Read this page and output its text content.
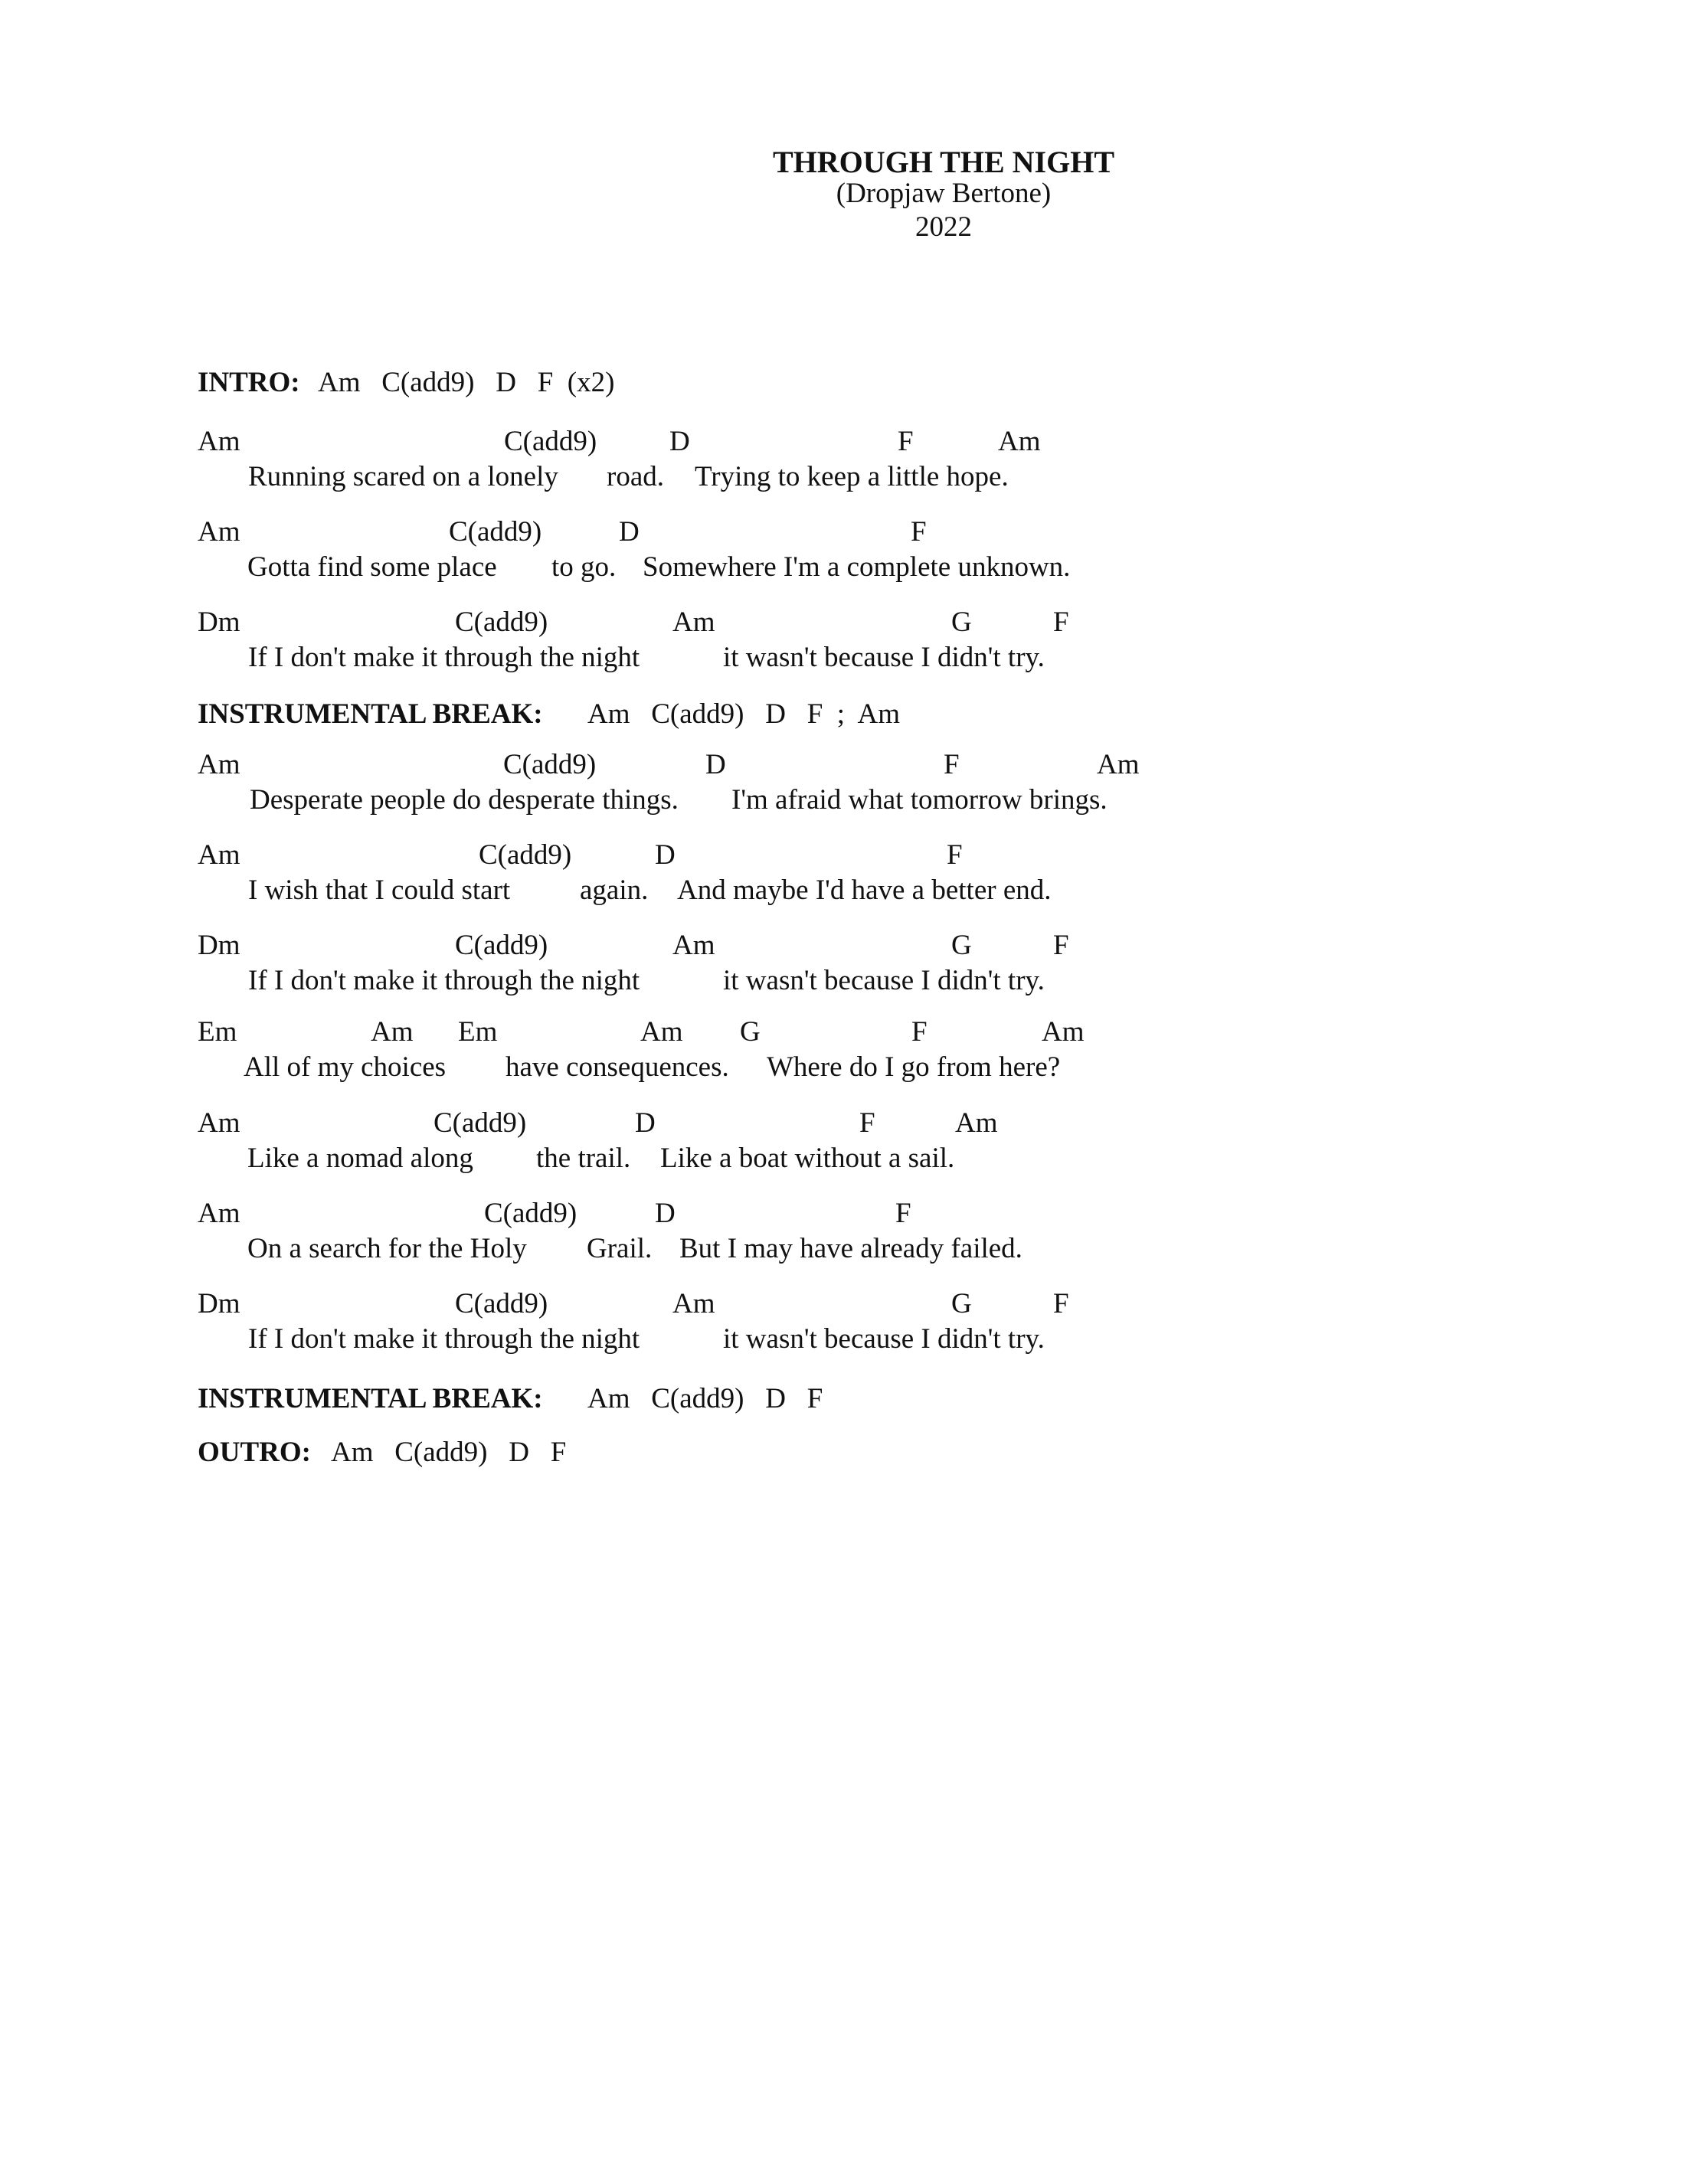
THROUGH THE NIGHT
(Dropjaw Bertone)
2022
INTRO: Am   C(add9)   D   F  (x2)
Am	C(add9)	D	F	Am
Running scared on a lonely road. Trying to keep a little hope.
Am	C(add9)	D	F
Gotta find some place to go. Somewhere I'm a complete unknown.
Dm	C(add9)	Am	G	F
If I don't make it through the night	it wasn't because I didn't try.
INSTRUMENTAL BREAK: Am   C(add9)   D   F  ;  Am
Am	C(add9)	D	F	Am
Desperate people do desperate things. I'm afraid what tomorrow brings.
Am	C(add9)	D	F
I wish that I could start again. And maybe I'd have a better end.
Dm	C(add9)	Am	G	F
If I don't make it through the night	it wasn't because I didn't try.
Em	Am Em	Am G	F	Am
All of my choices have consequences. Where do I go from here?
Am	C(add9)	D	F	Am
Like a nomad along the trail. Like a boat without a sail.
Am	C(add9)	D	F
On a search for the Holy Grail. But I may have already failed.
Dm	C(add9)	Am	G	F
If I don't make it through the night	it wasn't because I didn't try.
INSTRUMENTAL BREAK: Am   C(add9)   D   F
OUTRO: Am   C(add9)   D   F
